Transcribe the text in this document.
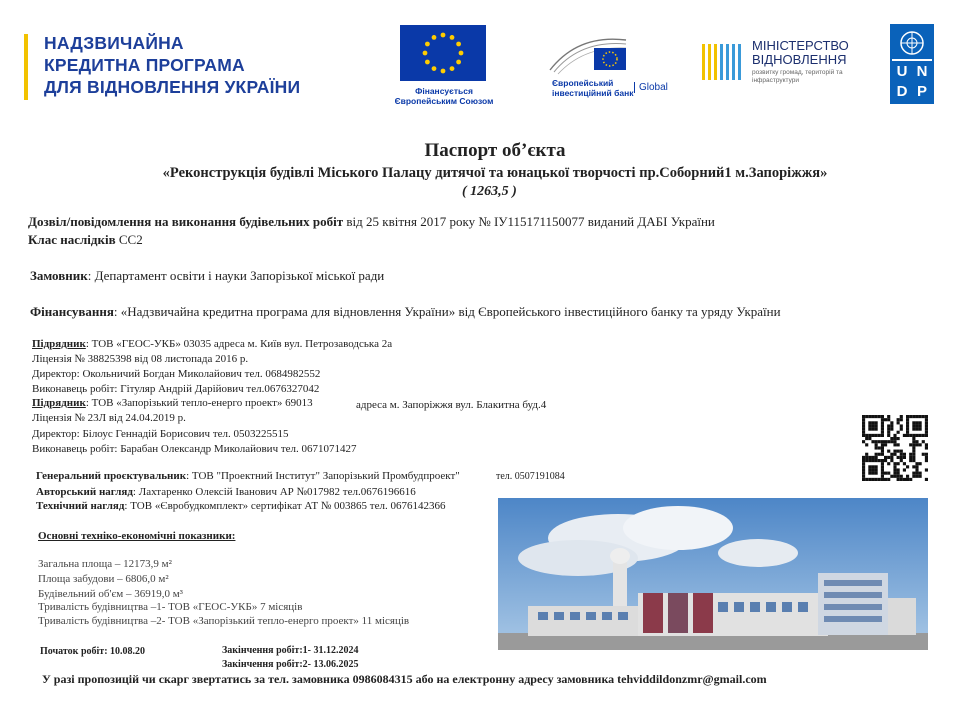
НАДЗВИЧАЙНА
КРЕДИТНА ПРОГРАМА
ДЛЯ ВІДНОВЛЕННЯ УКРАЇНИ	Фінансується Європейським Союзом
Європейський інвестиційний банк Global
МІНІСТЕРСТВО
ВІДНОВЛЕННЯ
розвитку громад, територій та інфраструктури	U N
D P
Паспорт об’єкта
«Реконструкція будівлі Міського Палацу дитячої та юнацької творчості пр.Соборний1 м.Запоріжжя»
( 1263,5 )
Дозвіл/повідомлення на виконання будівельних робіт від 25 квітня 2017 року № ІУ115171150077 виданий ДАБІ України
Клас наслідків СС2
Замовник: Департамент освіти і науки Запорізької міської ради
Фінансування: «Надзвичайна кредитна програма для відновлення України» від Європейського інвестиційного банку та уряду України
Підрядник: ТОВ «ГЕОС-УКБ» 03035 адреса м. Київ вул. Петрозаводська 2а
Ліцензія № 38825398 від 08 листопада 2016 р.
Директор: Окольничий Богдан Миколайович тел. 0684982552
Виконавець робіт: Гітуляр Андрій Дарійович тел.0676327042
Підрядник: ТОВ «Запорізький тепло-енерго проект» 69013	адреса м. Запоріжжя вул. Блакитна буд.4
Ліцензія № 23Л від 24.04.2019 р.
Директор: Білоус Геннадій Борисович тел. 0503225515
Виконавець робіт: Барабан Олександр Миколайович тел. 0671071427
Генеральний проєктувальник: ТОВ "Проектний Інститут" Запорізький Промбудпроект"	тел. 0507191084
Авторський нагляд: Лахтаренко Олексій Іванович АР №017982 тел.0676196616
Технічний нагляд: ТОВ «Євробудкомплект» сертифікат АТ № 003865 тел. 0676142366
Основні техніко-економічні показники:
Загальна площа – 12173,9 м²
Площа забудови – 6806,0 м²
Будівельний об'єм – 36919,0 м³
Тривалість будівництва –1- ТОВ «ГЕОС-УКБ» 7 місяців
Тривалість будівництва –2- ТОВ «Запорізький тепло-енерго проект» 11 місяців
Початок робіт: 10.08.20	Закінчення робіт:1- 31.12.2024
Закінчення робіт:2- 13.06.2025
У разі пропозицій чи скарг звертатись за тел. замовника 0986084315 або на електронну адресу замовника tehviddildonzmr@gmail.com
